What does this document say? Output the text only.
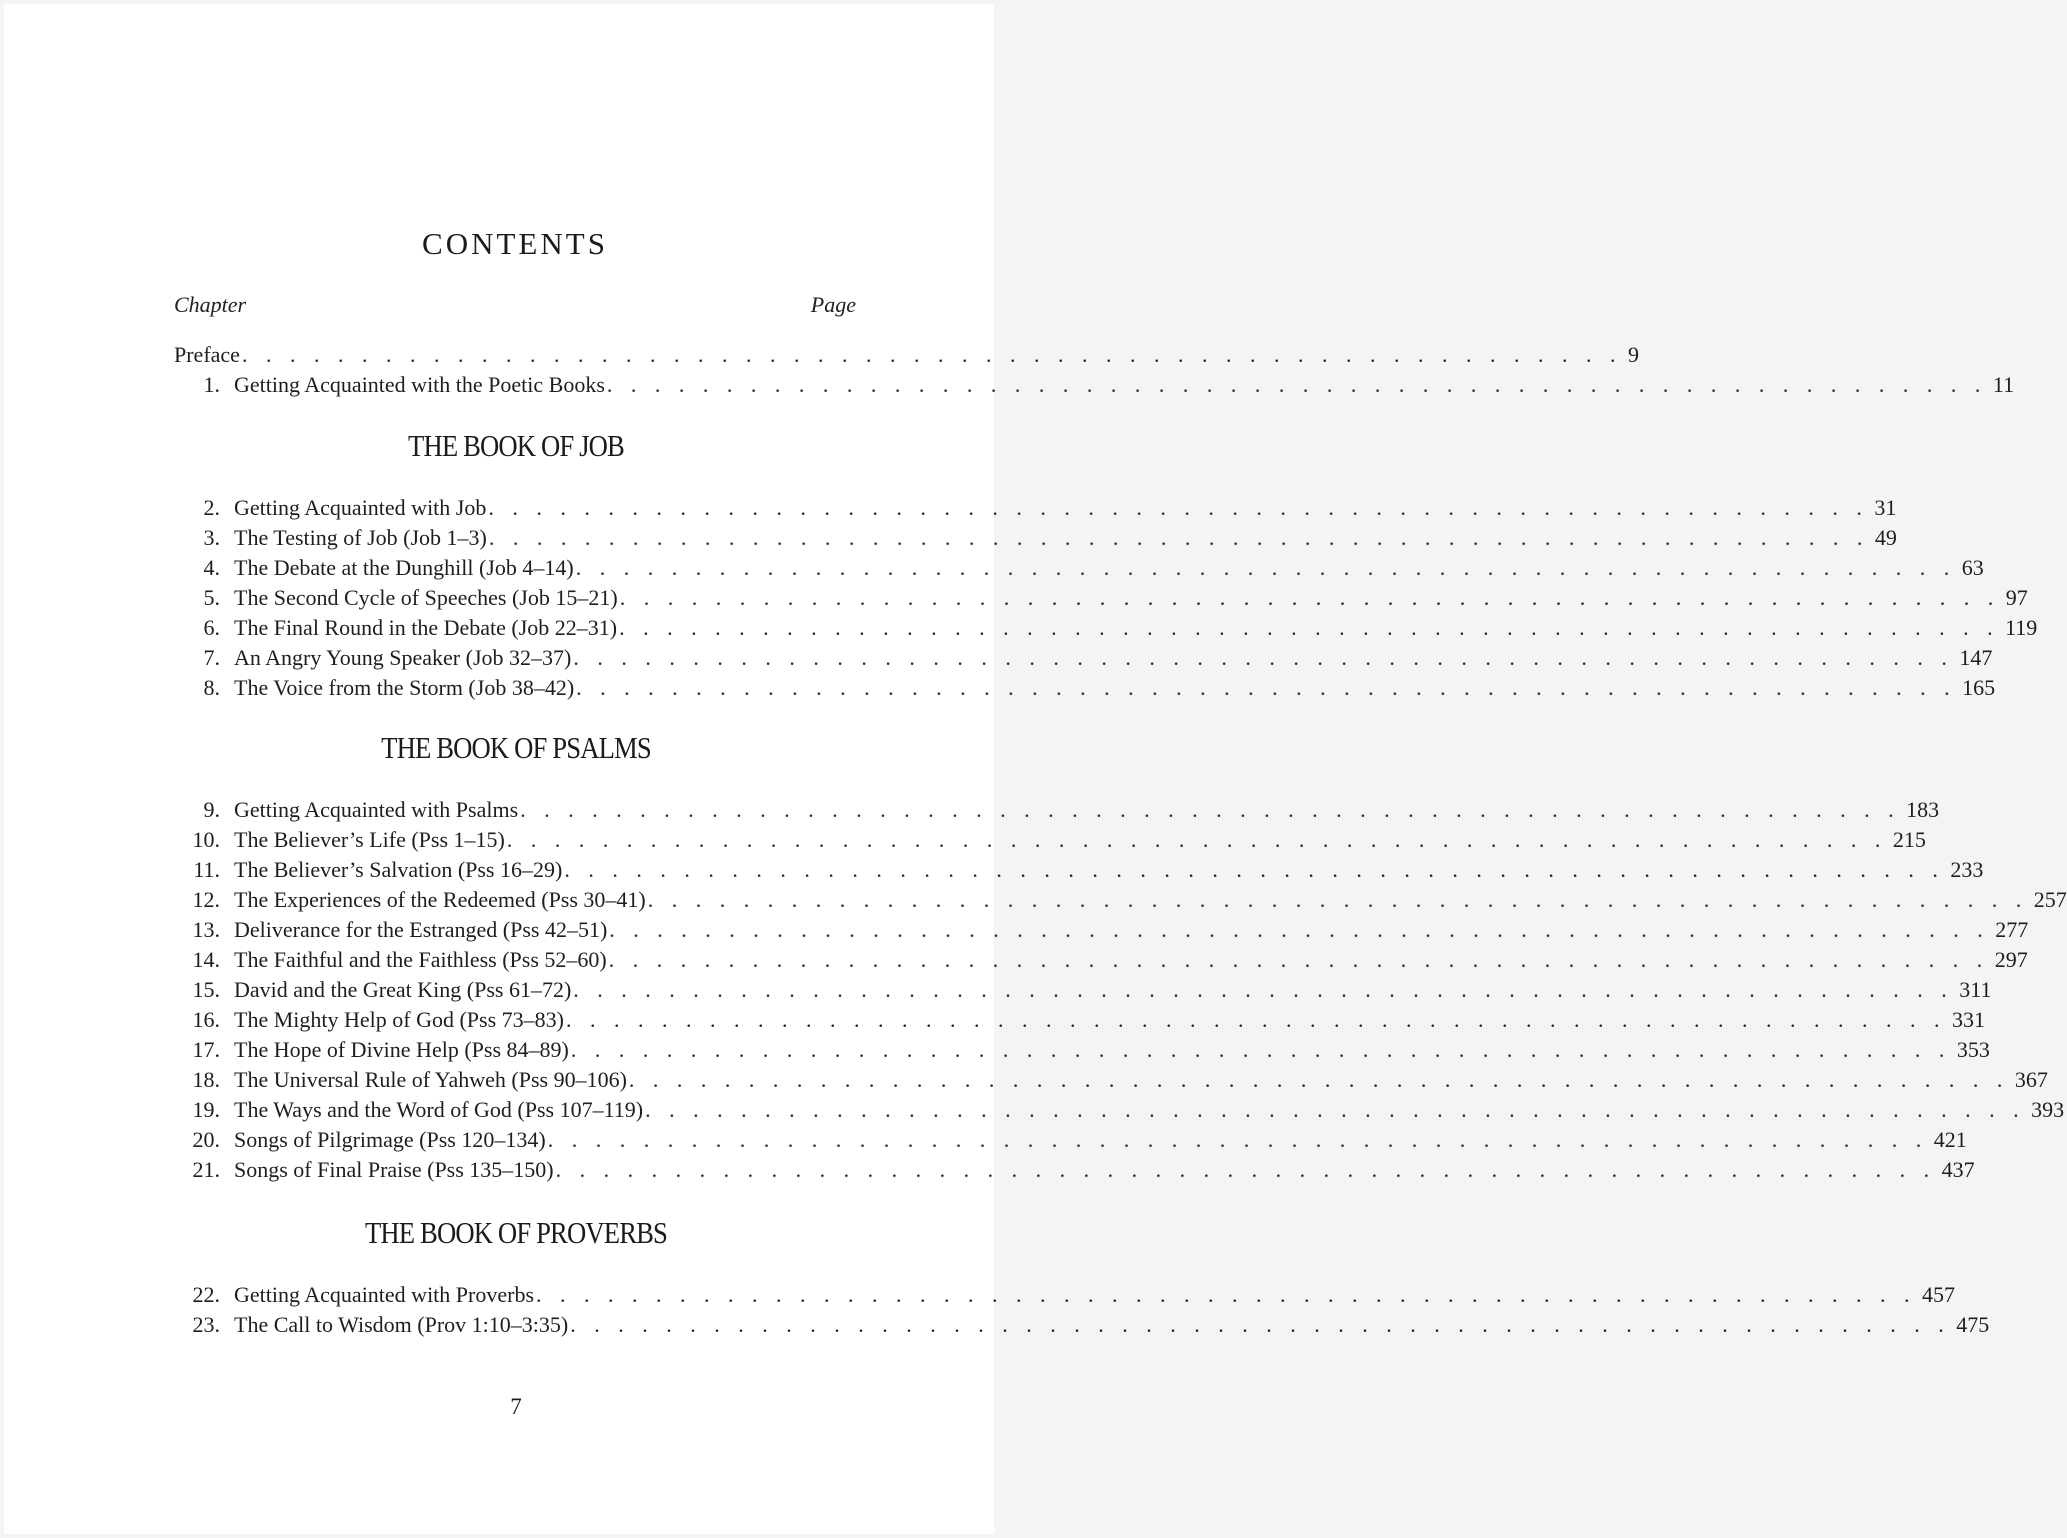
CONTENTS
Chapter	Page
Preface . . . . . . . . . . . . . . . . . . . . . . . . . . . . . . . . . . . . . . . . . . . . . . . . . . . . . . . . . . 9
1. Getting Acquainted with the Poetic Books . . . . . . . . . . . . . . . . . . . . . . . . . . . . . . . . . . . . . . . . . . . . . . . . . . . . . . . . . . 11
THE BOOK OF JOB
2. Getting Acquainted with Job . . . . . . . . . . . . . . . . . . . . . . . . . . . . . . . . . . . . . . . . . . . . . . . . . . . . . . . . . . 31
3. The Testing of Job (Job 1–3) . . . . . . . . . . . . . . . . . . . . . . . . . . . . . . . . . . . . . . . . . . . . . . . . . . . . . . . . . . 49
4. The Debate at the Dunghill (Job 4–14) . . . . . . . . . . . . . . . . . . . . . . . . . . . . . . . . . . . . . . . . . . . . . . . . . . . . . . . . . . 63
5. The Second Cycle of Speeches (Job 15–21) . . . . . . . . . . . . . . . . . . . . . . . . . . . . . . . . . . . . . . . . . . . . . . . . . . . . . . . . . . 97
6. The Final Round in the Debate (Job 22–31) . . . . . . . . . . . . . . . . . . . . . . . . . . . . . . . . . . . . . . . . . . . . . . . . . . . . . . . . . . 119
7. An Angry Young Speaker (Job 32–37) . . . . . . . . . . . . . . . . . . . . . . . . . . . . . . . . . . . . . . . . . . . . . . . . . . . . . . . . . . 147
8. The Voice from the Storm (Job 38–42) . . . . . . . . . . . . . . . . . . . . . . . . . . . . . . . . . . . . . . . . . . . . . . . . . . . . . . . . . . 165
THE BOOK OF PSALMS
9. Getting Acquainted with Psalms . . . . . . . . . . . . . . . . . . . . . . . . . . . . . . . . . . . . . . . . . . . . . . . . . . . . . . . . . . 183
10. The Believer’s Life (Pss 1–15) . . . . . . . . . . . . . . . . . . . . . . . . . . . . . . . . . . . . . . . . . . . . . . . . . . . . . . . . . . 215
11. The Believer’s Salvation (Pss 16–29) . . . . . . . . . . . . . . . . . . . . . . . . . . . . . . . . . . . . . . . . . . . . . . . . . . . . . . . . . . 233
12. The Experiences of the Redeemed (Pss 30–41) . . . . . . . . . . . . . . . . . . . . . . . . . . . . . . . . . . . . . . . . . . . . . . . . . . . . . . . . . . 257
13. Deliverance for the Estranged (Pss 42–51) . . . . . . . . . . . . . . . . . . . . . . . . . . . . . . . . . . . . . . . . . . . . . . . . . . . . . . . . . . 277
14. The Faithful and the Faithless (Pss 52–60) . . . . . . . . . . . . . . . . . . . . . . . . . . . . . . . . . . . . . . . . . . . . . . . . . . . . . . . . . . 297
15. David and the Great King (Pss 61–72) . . . . . . . . . . . . . . . . . . . . . . . . . . . . . . . . . . . . . . . . . . . . . . . . . . . . . . . . . . 311
16. The Mighty Help of God (Pss 73–83) . . . . . . . . . . . . . . . . . . . . . . . . . . . . . . . . . . . . . . . . . . . . . . . . . . . . . . . . . . 331
17. The Hope of Divine Help (Pss 84–89) . . . . . . . . . . . . . . . . . . . . . . . . . . . . . . . . . . . . . . . . . . . . . . . . . . . . . . . . . . 353
18. The Universal Rule of Yahweh (Pss 90–106) . . . . . . . . . . . . . . . . . . . . . . . . . . . . . . . . . . . . . . . . . . . . . . . . . . . . . . . . . . 367
19. The Ways and the Word of God (Pss 107–119) . . . . . . . . . . . . . . . . . . . . . . . . . . . . . . . . . . . . . . . . . . . . . . . . . . . . . . . . . . 393
20. Songs of Pilgrimage (Pss 120–134) . . . . . . . . . . . . . . . . . . . . . . . . . . . . . . . . . . . . . . . . . . . . . . . . . . . . . . . . . . 421
21. Songs of Final Praise (Pss 135–150) . . . . . . . . . . . . . . . . . . . . . . . . . . . . . . . . . . . . . . . . . . . . . . . . . . . . . . . . . . 437
THE BOOK OF PROVERBS
22. Getting Acquainted with Proverbs . . . . . . . . . . . . . . . . . . . . . . . . . . . . . . . . . . . . . . . . . . . . . . . . . . . . . . . . . . 457
23. The Call to Wisdom (Prov 1:10–3:35) . . . . . . . . . . . . . . . . . . . . . . . . . . . . . . . . . . . . . . . . . . . . . . . . . . . . . . . . . . 475
7
